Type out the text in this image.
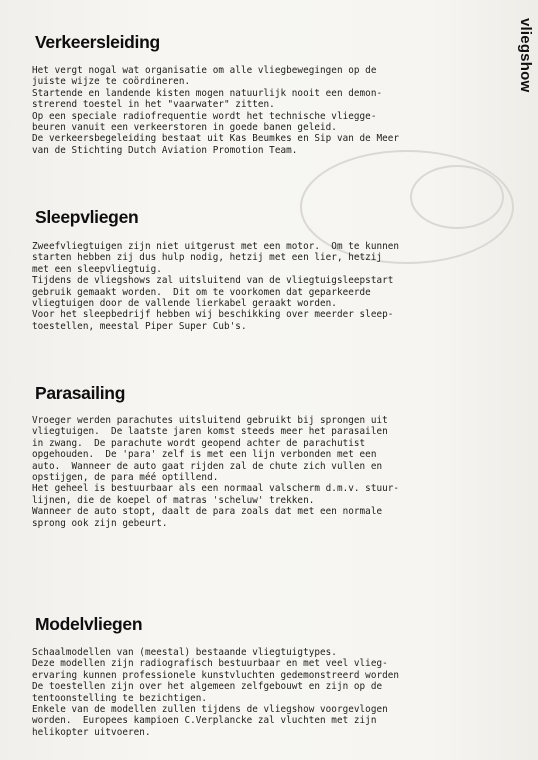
vliegshow
Verkeersleiding

Het vergt nogal wat organisatie om alle vliegbewegingen op de

juiste wijze te coördineren.

Startende en landende kisten mogen natuurlijk nooit een demon-

strerend toestel in het "vaarwater" zitten.

Op een speciale radiofrequentie wordt het technische vliegge-

beuren vanuit een verkeerstoren in goede banen geleid.

De verkeersbegeleiding bestaat uit Kas Beumkes en Sip van de Meer

van de Stichting Dutch Aviation Promotion Team.

Sleepvliegen

Zweefvliegtuigen zijn niet uitgerust met een motor.  Om te kunnen

starten hebben zij dus hulp nodig, hetzij met een lier, hetzij

met een sleepvliegtuig.

Tijdens de vliegshows zal uitsluitend van de vliegtuigsleepstart

gebruik gemaakt worden.  Dit om te voorkomen dat geparkeerde

vliegtuigen door de vallende lierkabel geraakt worden.

Voor het sleepbedrijf hebben wij beschikking over meerder sleep-

toestellen, meestal Piper Super Cub's.

Parasailing

Vroeger werden parachutes uitsluitend gebruikt bij sprongen uit

vliegtuigen.  De laatste jaren komst steeds meer het parasailen

in zwang.  De parachute wordt geopend achter de parachutist

opgehouden.  De 'para' zelf is met een lijn verbonden met een

auto.  Wanneer de auto gaat rijden zal de chute zich vullen en

opstijgen, de para méé optillend.

Het geheel is bestuurbaar als een normaal valscherm d.m.v. stuur-

lijnen, die de koepel of matras 'scheluw' trekken.

Wanneer de auto stopt, daalt de para zoals dat met een normale

sprong ook zijn gebeurt.

Modelvliegen

Schaalmodellen van (meestal) bestaande vliegtuigtypes.

Deze modellen zijn radiografisch bestuurbaar en met veel vlieg-

ervaring kunnen professionele kunstvluchten gedemonstreerd worden

De toestellen zijn over het algemeen zelfgebouwt en zijn op de

tentoonstelling te bezichtigen.

Enkele van de modellen zullen tijdens de vliegshow voorgevlogen

worden.  Europees kampioen C.Verplancke zal vluchten met zijn

helikopter uitvoeren.
